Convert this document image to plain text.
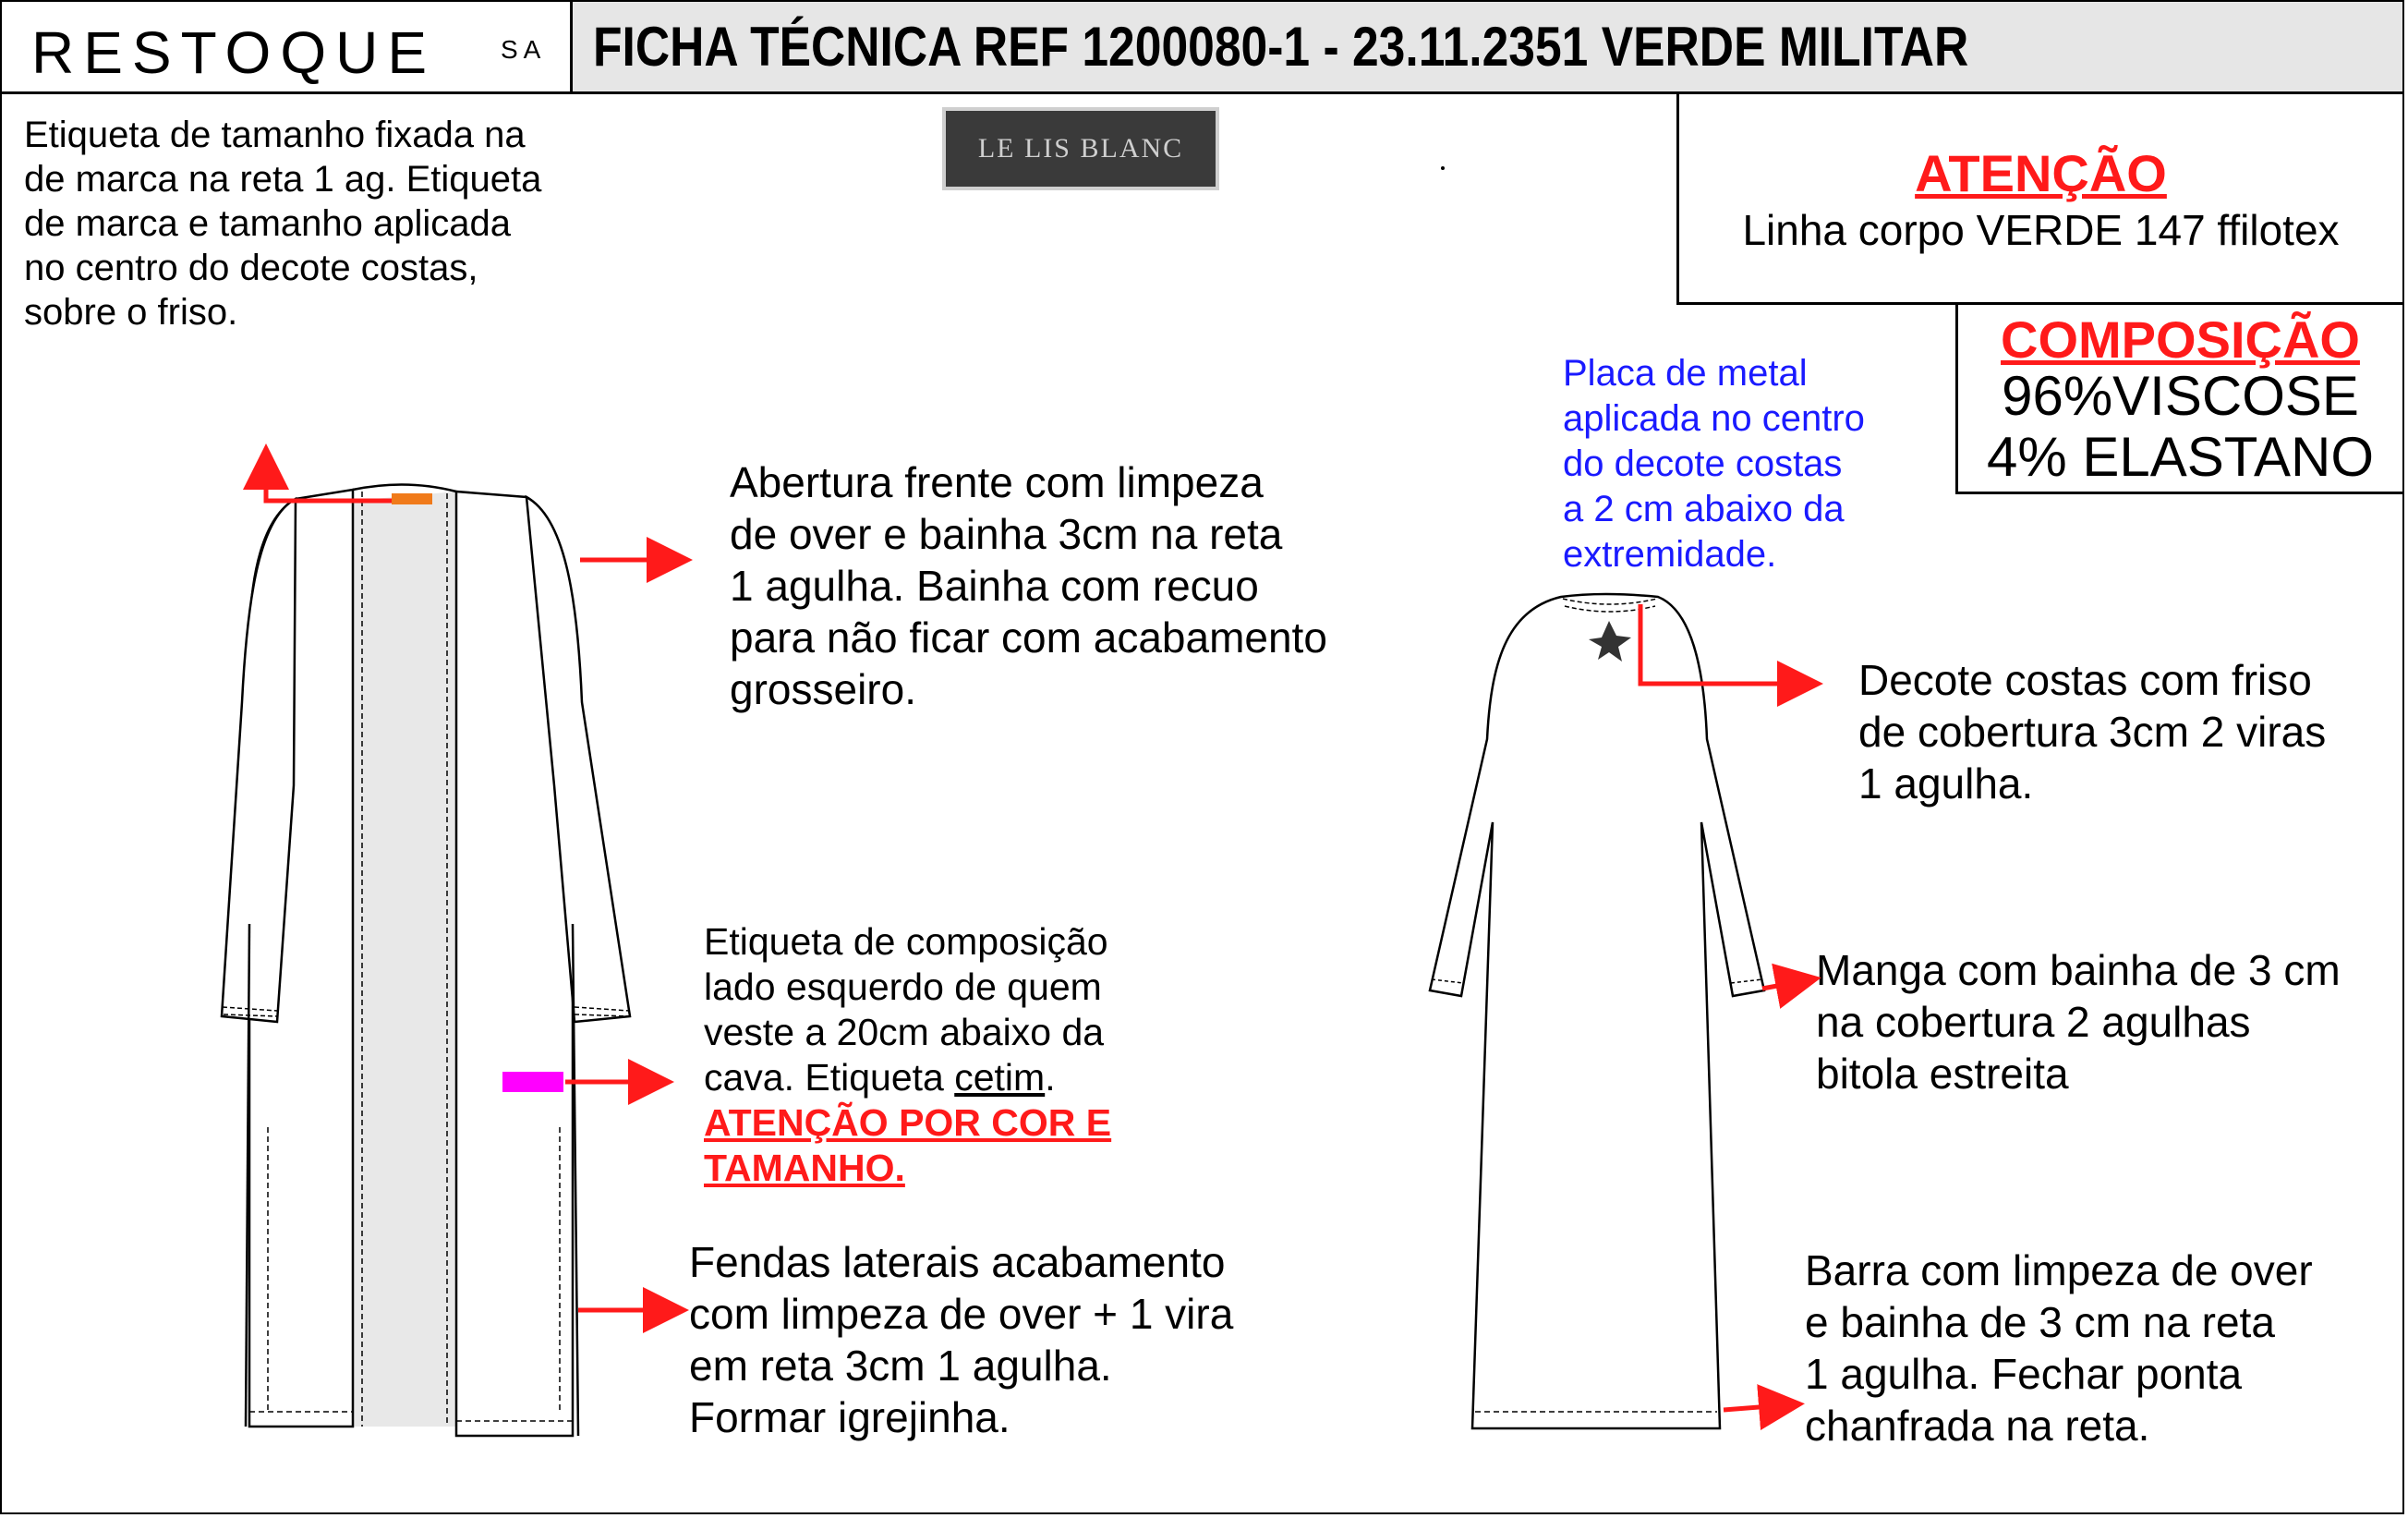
RESTOQUE	SA FICHA TÉCNICA REF 1200080-1 - 23.11.2351 VERDE MILITAR
LE LIS BLANC
Etiqueta de tamanho fixada na
de marca na reta 1 ag. Etiqueta
de marca e tamanho aplicada
no centro do decote costas,
sobre o friso.
Abertura frente com limpeza
de over e bainha 3cm na reta
1 agulha. Bainha com recuo
para não ficar com acabamento
grosseiro.
Etiqueta de composição
lado esquerdo de quem
veste a 20cm abaixo da
cava. Etiqueta cetim.
ATENÇÃO POR COR E
TAMANHO.
Fendas laterais acabamento
com limpeza de over + 1 vira
em reta 3cm 1 agulha.
Formar igrejinha.
Placa de metal
aplicada no centro
do decote costas
a 2 cm abaixo da
extremidade.
Decote costas com friso
de cobertura 3cm 2 viras
1 agulha.
Manga com bainha de 3 cm
na cobertura 2 agulhas
bitola estreita
Barra com limpeza de over
e bainha de 3 cm na reta
1 agulha. Fechar ponta
chanfrada na reta.
ATENÇÃO
Linha corpo VERDE 147 ffilotex
COMPOSIÇÃO
96%VISCOSE
4% ELASTANO
